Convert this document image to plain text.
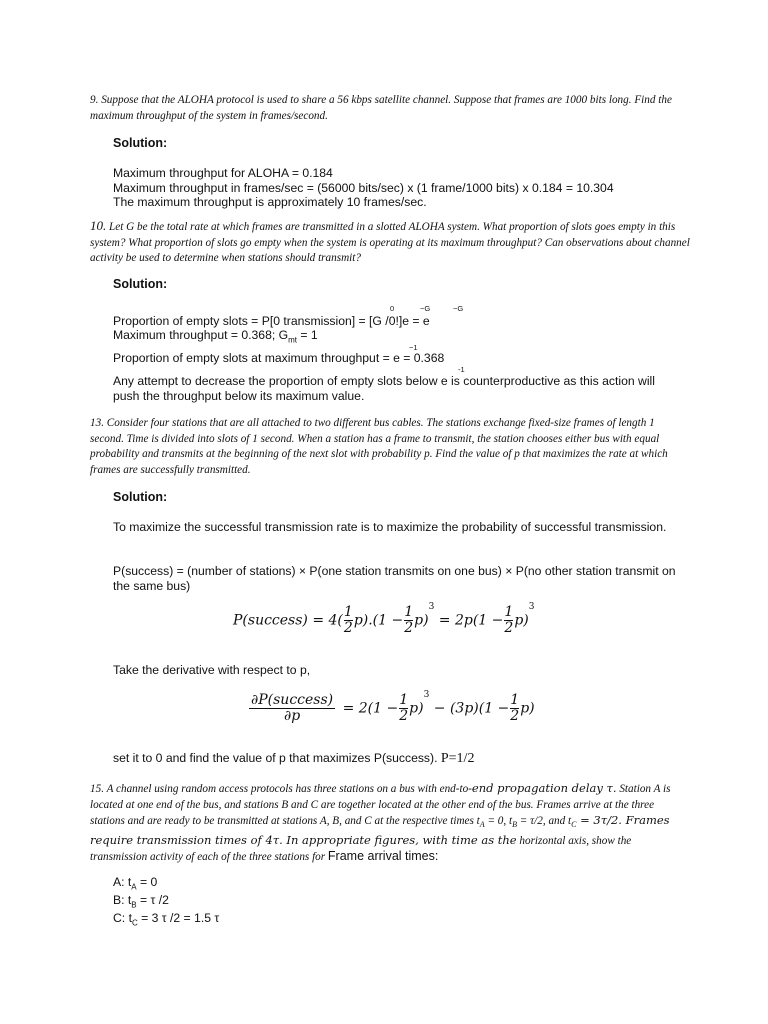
9. Suppose that the ALOHA protocol is used to share a 56 kbps satellite channel. Suppose that frames are 1000 bits long. Find the maximum throughput of the system in frames/second.
Solution:
Maximum throughput for ALOHA = 0.184
Maximum throughput in frames/sec = (56000 bits/sec) x (1 frame/1000 bits) x 0.184 = 10.304
The maximum throughput is approximately 10 frames/sec.
10. Let G be the total rate at which frames are transmitted in a slotted ALOHA system. What proportion of slots goes empty in this system? What proportion of slots go empty when the system is operating at its maximum throughput? Can observations about channel activity be used to determine when stations should transmit?
Solution:
0	−G	−G
Proportion of empty slots = P[0 transmission] = [G /0!]e = e
Maximum throughput = 0.368; $G_{mt} = 1$
−1
Proportion of empty slots at maximum throughput = e = 0.368
-1
Any attempt to decrease the proportion of empty slots below e is counterproductive as this action will push the throughput below its maximum value.
13. Consider four stations that are all attached to two different bus cables. The stations exchange fixed-size frames of length 1 second. Time is divided into slots of 1 second. When a station has a frame to transmit, the station chooses either bus with equal probability and transmits at the beginning of the next slot with probability p. Find the value of p that maximizes the rate at which frames are successfully transmitted.
Solution:
To maximize the successful transmission rate is to maximize the probability of successful transmission.
P(success) = (number of stations) × P(one station transmits on one bus) × P(no other station transmit on the same bus)
P(success) = $4( \frac{1}{2} p).(1 - \frac{1}{2} p)^3 = 2p(1 - \frac{1}{2} p)^3$
Take the derivative with respect to p,
$\frac{\text{∂P(success)}}{\partial p} = 2(1 - \frac{1}{2} p)^3 - (3p)(1 - \frac{1}{2} p)$
set it to 0 and find the value of p that maximizes P(success). P=1/2
15. A channel using random access protocols has three stations on a bus with end-to-end propagation delay τ. Station A is located at one end of the bus, and stations B and C are together located at the other end of the bus. Frames arrive at the three stations and are ready to be transmitted at stations A, B, and C at the respective times $t_A = 0$, $t_B = \tau/2$, and $t_C = 3\tau/2$. Frames require transmission times of 4τ. In appropriate figures, with time as the horizontal axis, show the transmission activity of each of the three stations for Frame arrival times:
A: $t_A = 0$
B: $t_B = \tau$ /2
C: $t_C = 3$ τ /2 = 1.5 τ
